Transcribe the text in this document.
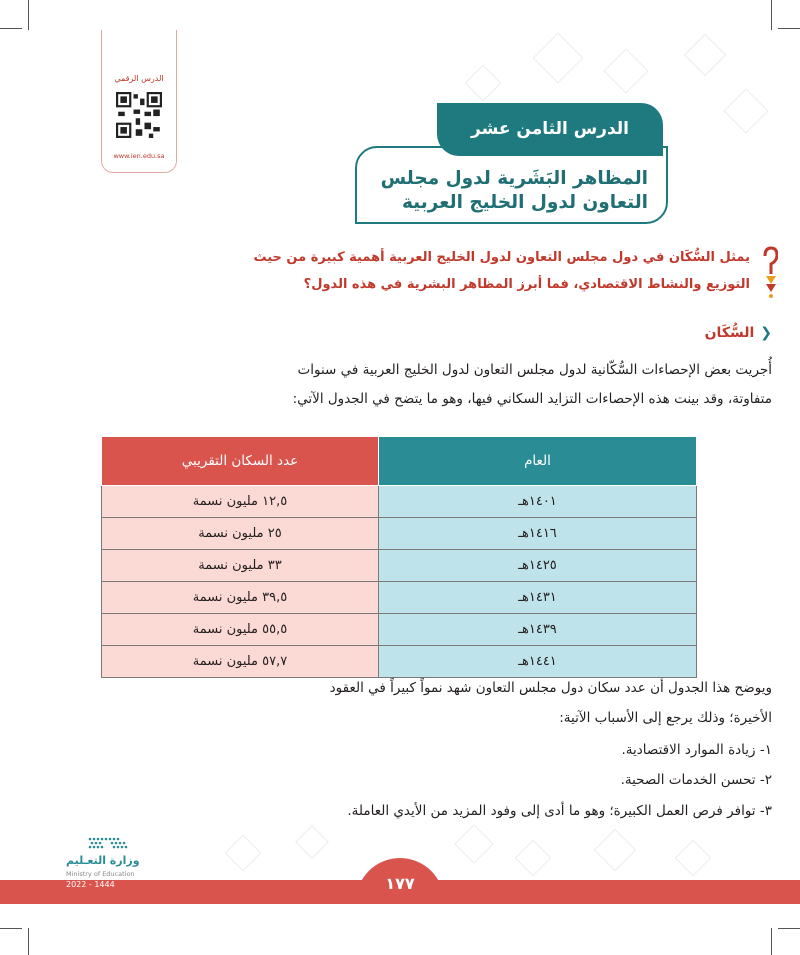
الدرس الرقمي
www.ien.edu.sa
المظاهر البَشَرية لدول مجلس
التعاون لدول الخليج العربية
الدرس الثامن عشر
يمثل السُّكَان في دول مجلس التعاون لدول الخليج العربية أهمية كبيرة من حيث
التوزيع والنشاط الاقتصادي، فما أبرز المظاهر البشرية في هذه الدول؟
❮
السُّكَان
أُجريت بعض الإحصاءات السُّكّانية لدول مجلس التعاون لدول الخليج العربية في سنوات
متفاوتة، وقد بينت هذه الإحصاءات التزايد السكاني فيها، وهو ما يتضح في الجدول الآتي:
العام	عدد السكان التقريبي
١٤٠١هـ	١٢,٥ مليون نسمة
١٤١٦هـ	٢٥ مليون نسمة
١٤٢٥هـ	٣٣ مليون نسمة
١٤٣١هـ	٣٩,٥ مليون نسمة
١٤٣٩هـ	٥٥,٥ مليون نسمة
١٤٤١هـ	٥٧,٧ مليون نسمة
ويوضح هذا الجدول أن عدد سكان دول مجلس التعاون شهد نمواً كبيراً في العقود
الأخيرة؛ وذلك يرجع إلى الأسباب الآتية:
١- زيادة الموارد الاقتصادية.
٢- تحسن الخدمات الصحية.
٣- توافر فرص العمل الكبيرة؛ وهو ما أدى إلى وفود المزيد من الأيدي العاملة.
١٧٧
وزارة التعـليم
Ministry of Education
2022 - 1444
